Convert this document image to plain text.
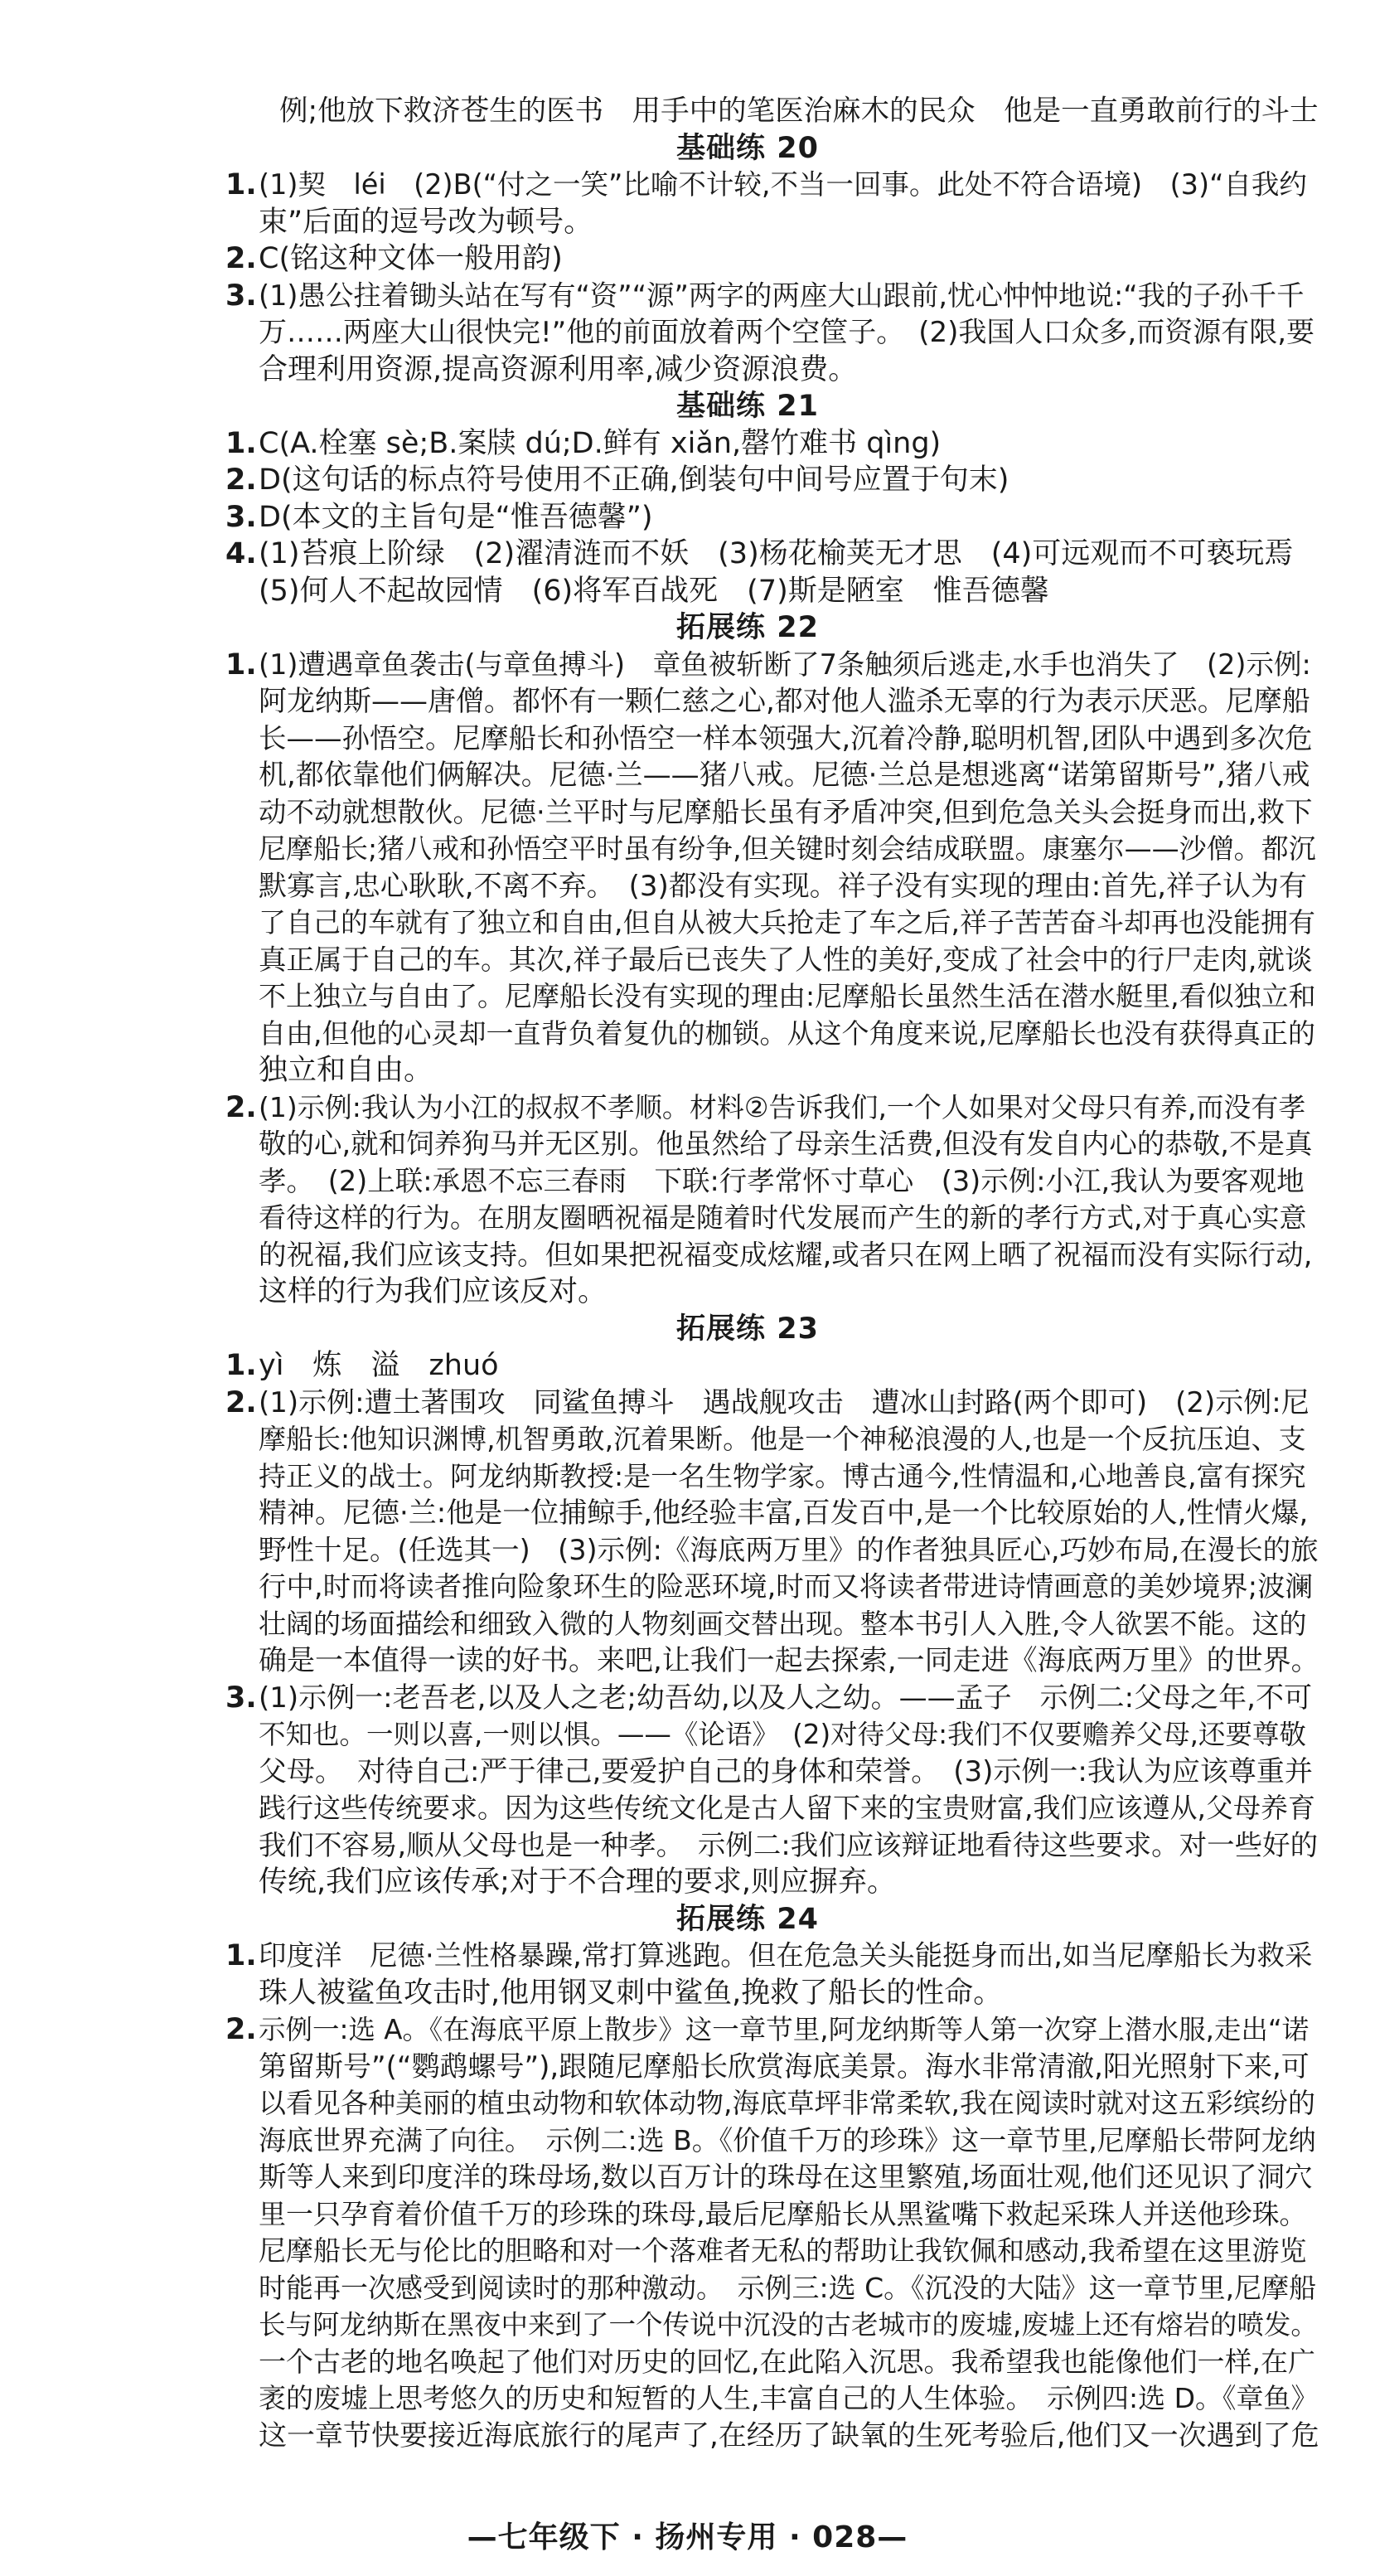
例;他放下救济苍生的医书　用手中的笔医治麻木的民众　他是一直勇敢前行的斗士
基础练 20
1. (1)契　léi　(2)B(“付之一笑”比喻不计较,不当一回事。此处不符合语境)　(3)“自我约
束”后面的逗号改为顿号。
2. C(铭这种文体一般用韵)
3. (1)愚公拄着锄头站在写有“资”“源”两字的两座大山跟前,忧心忡忡地说:“我的子孙千千
万……两座大山很快完!”他的前面放着两个空筐子。　(2)我国人口众多,而资源有限,要
合理利用资源,提高资源利用率,减少资源浪费。
基础练 21
1. C(A.栓塞 sè;B.案牍 dú;D.鲜有 xiǎn,罄竹难书 qìng)
2. D(这句话的标点符号使用不正确,倒装句中间号应置于句末)
3. D(本文的主旨句是“惟吾德馨”)
4. (1)苔痕上阶绿　(2)濯清涟而不妖　(3)杨花榆荚无才思　(4)可远观而不可亵玩焉
(5)何人不起故园情　(6)将军百战死　(7)斯是陋室　惟吾德馨
拓展练 22
1. (1)遭遇章鱼袭击(与章鱼搏斗)　章鱼被斩断了7条触须后逃走,水手也消失了　(2)示例:
阿龙纳斯——唐僧。都怀有一颗仁慈之心,都对他人滥杀无辜的行为表示厌恶。尼摩船
长——孙悟空。尼摩船长和孙悟空一样本领强大,沉着冷静,聪明机智,团队中遇到多次危
机,都依靠他们俩解决。尼德·兰——猪八戒。尼德·兰总是想逃离“诺第留斯号”,猪八戒
动不动就想散伙。尼德·兰平时与尼摩船长虽有矛盾冲突,但到危急关头会挺身而出,救下
尼摩船长;猪八戒和孙悟空平时虽有纷争,但关键时刻会结成联盟。康塞尔——沙僧。都沉
默寡言,忠心耿耿,不离不弃。　(3)都没有实现。祥子没有实现的理由:首先,祥子认为有
了自己的车就有了独立和自由,但自从被大兵抢走了车之后,祥子苦苦奋斗却再也没能拥有
真正属于自己的车。其次,祥子最后已丧失了人性的美好,变成了社会中的行尸走肉,就谈
不上独立与自由了。尼摩船长没有实现的理由:尼摩船长虽然生活在潜水艇里,看似独立和
自由,但他的心灵却一直背负着复仇的枷锁。从这个角度来说,尼摩船长也没有获得真正的
独立和自由。
2. (1)示例:我认为小江的叔叔不孝顺。材料②告诉我们,一个人如果对父母只有养,而没有孝
敬的心,就和饲养狗马并无区别。他虽然给了母亲生活费,但没有发自内心的恭敬,不是真
孝。　(2)上联:承恩不忘三春雨　下联:行孝常怀寸草心　(3)示例:小江,我认为要客观地
看待这样的行为。在朋友圈晒祝福是随着时代发展而产生的新的孝行方式,对于真心实意
的祝福,我们应该支持。但如果把祝福变成炫耀,或者只在网上晒了祝福而没有实际行动,
这样的行为我们应该反对。
拓展练 23
1. yì　炼　溢　zhuó
2. (1)示例:遭土著围攻　同鲨鱼搏斗　遇战舰攻击　遭冰山封路(两个即可)　(2)示例:尼
摩船长:他知识渊博,机智勇敢,沉着果断。他是一个神秘浪漫的人,也是一个反抗压迫、支
持正义的战士。阿龙纳斯教授:是一名生物学家。博古通今,性情温和,心地善良,富有探究
精神。尼德·兰:他是一位捕鲸手,他经验丰富,百发百中,是一个比较原始的人,性情火爆,
野性十足。(任选其一)　(3)示例:《海底两万里》的作者独具匠心,巧妙布局,在漫长的旅
行中,时而将读者推向险象环生的险恶环境,时而又将读者带进诗情画意的美妙境界;波澜
壮阔的场面描绘和细致入微的人物刻画交替出现。整本书引人入胜,令人欲罢不能。这的
确是一本值得一读的好书。来吧,让我们一起去探索,一同走进《海底两万里》的世界。
3. (1)示例一:老吾老,以及人之老;幼吾幼,以及人之幼。——孟子　示例二:父母之年,不可
不知也。一则以喜,一则以惧。——《论语》　(2)对待父母:我们不仅要赡养父母,还要尊敬
父母。　对待自己:严于律己,要爱护自己的身体和荣誉。　(3)示例一:我认为应该尊重并
践行这些传统要求。因为这些传统文化是古人留下来的宝贵财富,我们应该遵从,父母养育
我们不容易,顺从父母也是一种孝。　示例二:我们应该辩证地看待这些要求。对一些好的
传统,我们应该传承;对于不合理的要求,则应摒弃。
拓展练 24
1. 印度洋　尼德·兰性格暴躁,常打算逃跑。但在危急关头能挺身而出,如当尼摩船长为救采
珠人被鲨鱼攻击时,他用钢叉刺中鲨鱼,挽救了船长的性命。
2. 示例一:选 A。《在海底平原上散步》这一章节里,阿龙纳斯等人第一次穿上潜水服,走出“诺
第留斯号”(“鹦鹉螺号”),跟随尼摩船长欣赏海底美景。海水非常清澈,阳光照射下来,可
以看见各种美丽的植虫动物和软体动物,海底草坪非常柔软,我在阅读时就对这五彩缤纷的
海底世界充满了向往。　示例二:选 B。《价值千万的珍珠》这一章节里,尼摩船长带阿龙纳
斯等人来到印度洋的珠母场,数以百万计的珠母在这里繁殖,场面壮观,他们还见识了洞穴
里一只孕育着价值千万的珍珠的珠母,最后尼摩船长从黑鲨嘴下救起采珠人并送他珍珠。
尼摩船长无与伦比的胆略和对一个落难者无私的帮助让我钦佩和感动,我希望在这里游览
时能再一次感受到阅读时的那种激动。　示例三:选 C。《沉没的大陆》这一章节里,尼摩船
长与阿龙纳斯在黑夜中来到了一个传说中沉没的古老城市的废墟,废墟上还有熔岩的喷发。
一个古老的地名唤起了他们对历史的回忆,在此陷入沉思。我希望我也能像他们一样,在广
袤的废墟上思考悠久的历史和短暂的人生,丰富自己的人生体验。　示例四:选 D。《章鱼》
这一章节快要接近海底旅行的尾声了,在经历了缺氧的生死考验后,他们又一次遇到了危
—七年级下 · 扬州专用 · 028—
